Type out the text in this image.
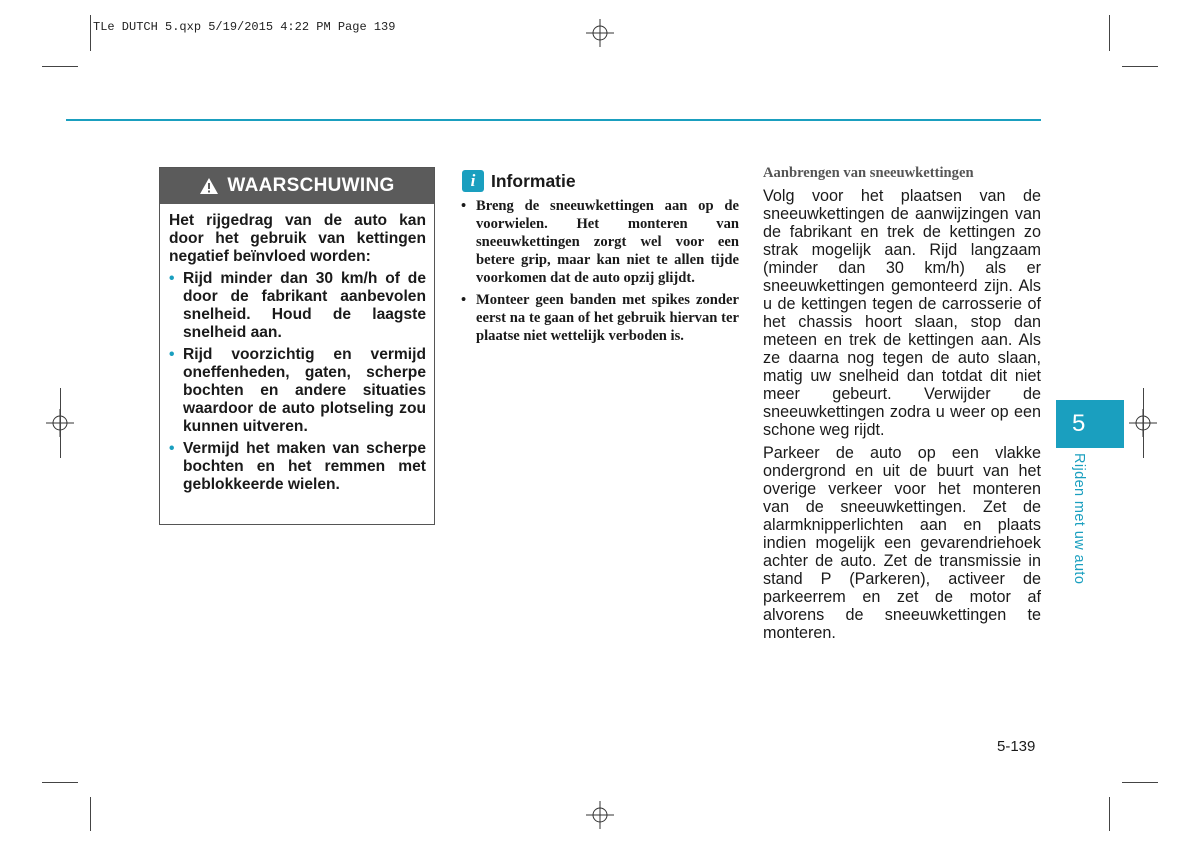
TLe DUTCH 5.qxp 5/19/2015 4:22 PM Page 139
WAARSCHUWING

Het rijgedrag van de auto kan door het gebruik van kettingen negatief beïnvloed worden:

• Rijd minder dan 30 km/h of de door de fabrikant aanbevolen snelheid. Houd de laagste snelheid aan.
• Rijd voorzichtig en vermijd oneffenheden, gaten, scherpe bochten en andere situaties waardoor de auto plotseling zou kunnen uitveren.
• Vermijd het maken van scherpe bochten en het remmen met geblokkeerde wielen.
i Informatie
• Breng de sneeuwkettingen aan op de voorwielen. Het monteren van sneeuwkettingen zorgt wel voor een betere grip, maar kan niet te allen tijde voorkomen dat de auto opzij glijdt.
• Monteer geen banden met spikes zonder eerst na te gaan of het gebruik hiervan ter plaatse niet wettelijk verboden is.
Aanbrengen van sneeuwkettingen

Volg voor het plaatsen van de sneeuwkettingen de aanwijzingen van de fabrikant en trek de kettingen zo strak mogelijk aan. Rijd langzaam (minder dan 30 km/h) als er sneeuwkettingen gemonteerd zijn. Als u de kettingen tegen de carrosserie of het chassis hoort slaan, stop dan meteen en trek de kettingen aan. Als ze daarna nog tegen de auto slaan, matig uw snelheid dan totdat dit niet meer gebeurt. Verwijder de sneeuwkettingen zodra u weer op een schone weg rijdt.

Parkeer de auto op een vlakke ondergrond en uit de buurt van het overige verkeer voor het monteren van de sneeuwkettingen. Zet de alarmknipperlichten aan en plaats indien mogelijk een gevarendriehoek achter de auto. Zet de transmissie in stand P (Parkeren), activeer de parkeerrem en zet de motor af alvorens de sneeuwkettingen te monteren.

5
Rijden met uw auto
5-139
